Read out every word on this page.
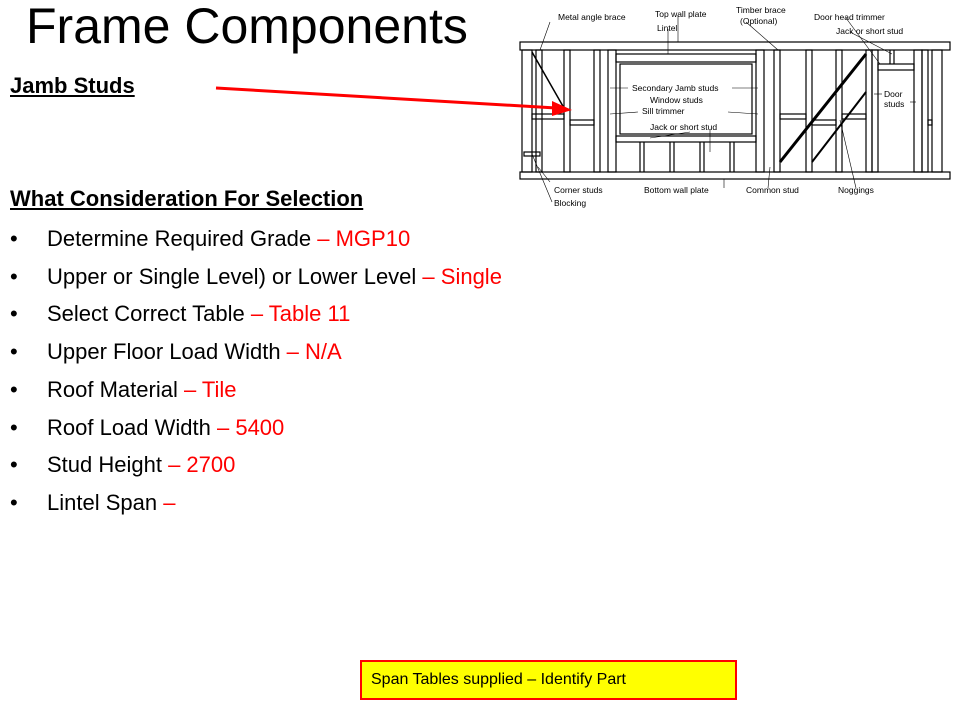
Frame Components
Jamb Studs
What Consideration For Selection
• Determine Required Grade – MGP10
• Upper or Single Level) or Lower Level – Single
• Select Correct Table – Table 11
• Upper Floor Load Width – N/A
• Roof Material – Tile
• Roof Load Width – 5400
• Stud Height – 2700
• Lintel Span –
Metal angle brace	Top wall plate
Lintel
Timber brace
(Optional)	Door head trimmer
Jack or short stud
Secondary Jamb studs
Window studs
Sill trimmer
Jack or short stud
Door
studs
Corner studs
Blocking
Bottom wall plate	Common stud	Noggings
Span Tables supplied – Identify Part
